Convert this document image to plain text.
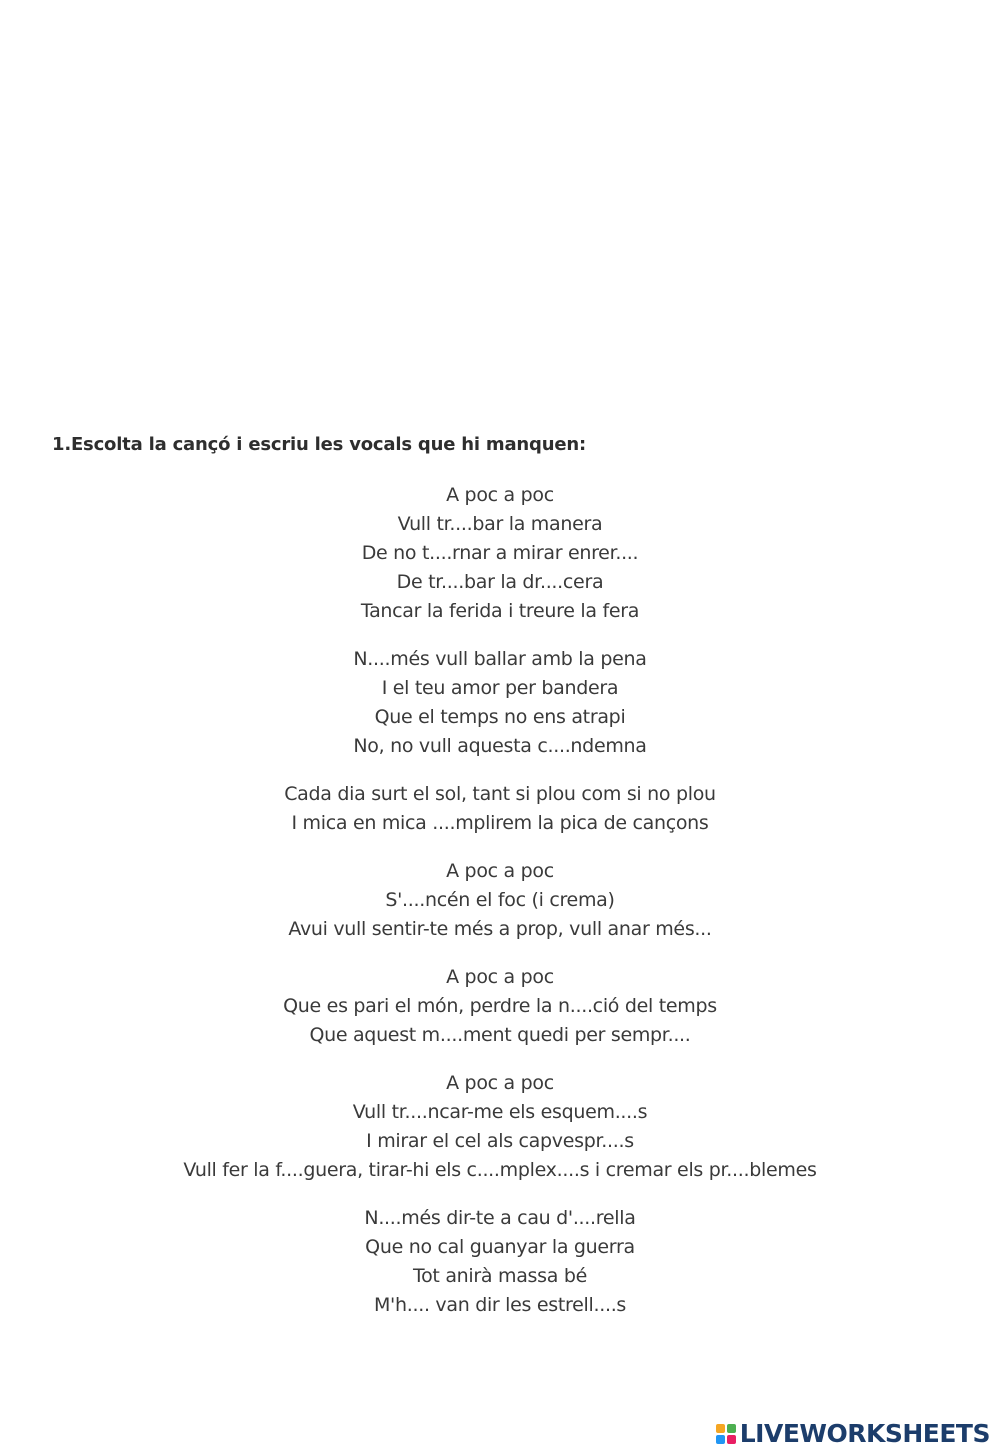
1.Escolta la cançó i escriu les vocals que hi manquen:
A poc a poc
Vull tr....bar la manera
De no t....rnar a mirar enrer....
De tr....bar la dr....cera
Tancar la ferida i treure la fera
N....més vull ballar amb la pena
I el teu amor per bandera
Que el temps no ens atrapi
No, no vull aquesta c....ndemna
Cada dia surt el sol, tant si plou com si no plou
I mica en mica ....mplirem la pica de cançons
A poc a poc
S'....ncén el foc (i crema)
Avui vull sentir-te més a prop, vull anar més...
A poc a poc
Que es pari el món, perdre la n....ció del temps
Que aquest m....ment quedi per sempr....
A poc a poc
Vull tr....ncar-me els esquem....s
I mirar el cel als capvespr....s
Vull fer la f....guera, tirar-hi els c....mplex....s i cremar els pr....blemes
N....més dir-te a cau d'....rella
Que no cal guanyar la guerra
Tot anirà massa bé
M'h.... van dir les estrell....s
LIVEWORKSHEETS
